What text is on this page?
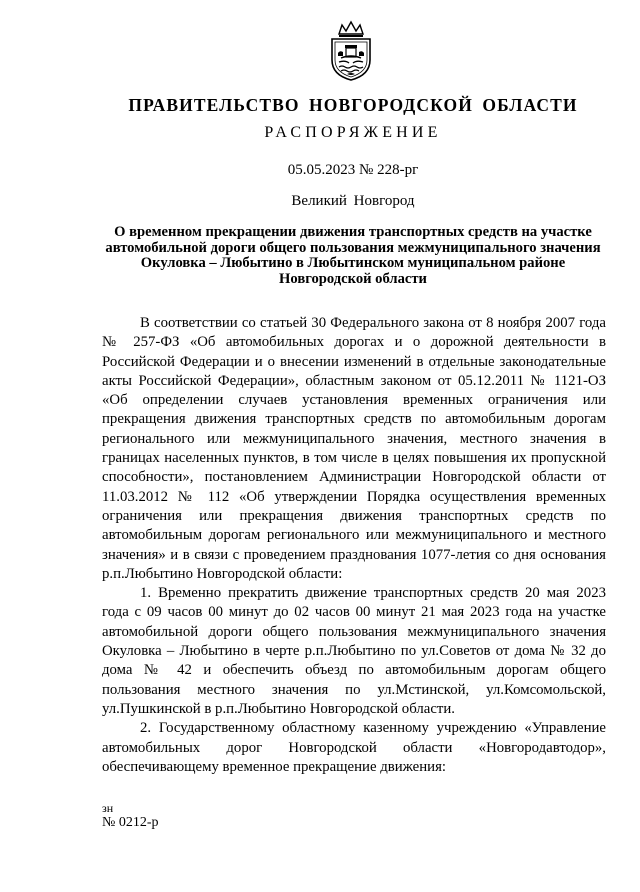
ПРАВИТЕЛЬСТВО НОВГОРОДСКОЙ ОБЛАСТИ
РАСПОРЯЖЕНИЕ
05.05.2023 № 228-рг
Великий Новгород
О временном прекращении движения транспортных средств на участке автомобильной дороги общего пользования межмуниципального значения Окуловка – Любытино в Любытинском муниципальном районе Новгородской области

В соответствии со статьей 30 Федерального закона от 8 ноября 2007 года № 257-ФЗ «Об автомобильных дорогах и о дорожной деятельности в Российской Федерации и о внесении изменений в отдельные законодательные акты Российской Федерации», областным законом от 05.12.2011 № 1121-ОЗ «Об определении случаев установления временных ограничения или прекращения движения транспортных средств по автомобильным дорогам регионального или межмуниципального значения, местного значения в границах населенных пунктов, в том числе в целях повышения их пропускной способности», постановлением Администрации Новгородской области от 11.03.2012 № 112 «Об утверждении Порядка осуществления временных ограничения или прекращения движения транспортных средств по автомобильным дорогам регионального или межмуниципального и местного значения» и в связи с проведением празднования 1077-летия со дня основания р.п.Любытино Новгородской области:

1. Временно прекратить движение транспортных средств 20 мая 2023 года с 09 часов 00 минут до 02 часов 00 минут 21 мая 2023 года на участке автомобильной дороги общего пользования межмуниципального значения Окуловка – Любытино в черте р.п.Любытино по ул.Советов от дома № 32 до дома № 42 и обеспечить объезд по автомобильным дорогам общего пользования местного значения по ул.Мстинской, ул.Комсомольской, ул.Пушкинской в р.п.Любытино Новгородской области.

2. Государственному областному казенному учреждению «Управление автомобильных дорог Новгородской области «Новгородавтодор», обеспечивающему временное прекращение движения:

зн
№ 0212-р
